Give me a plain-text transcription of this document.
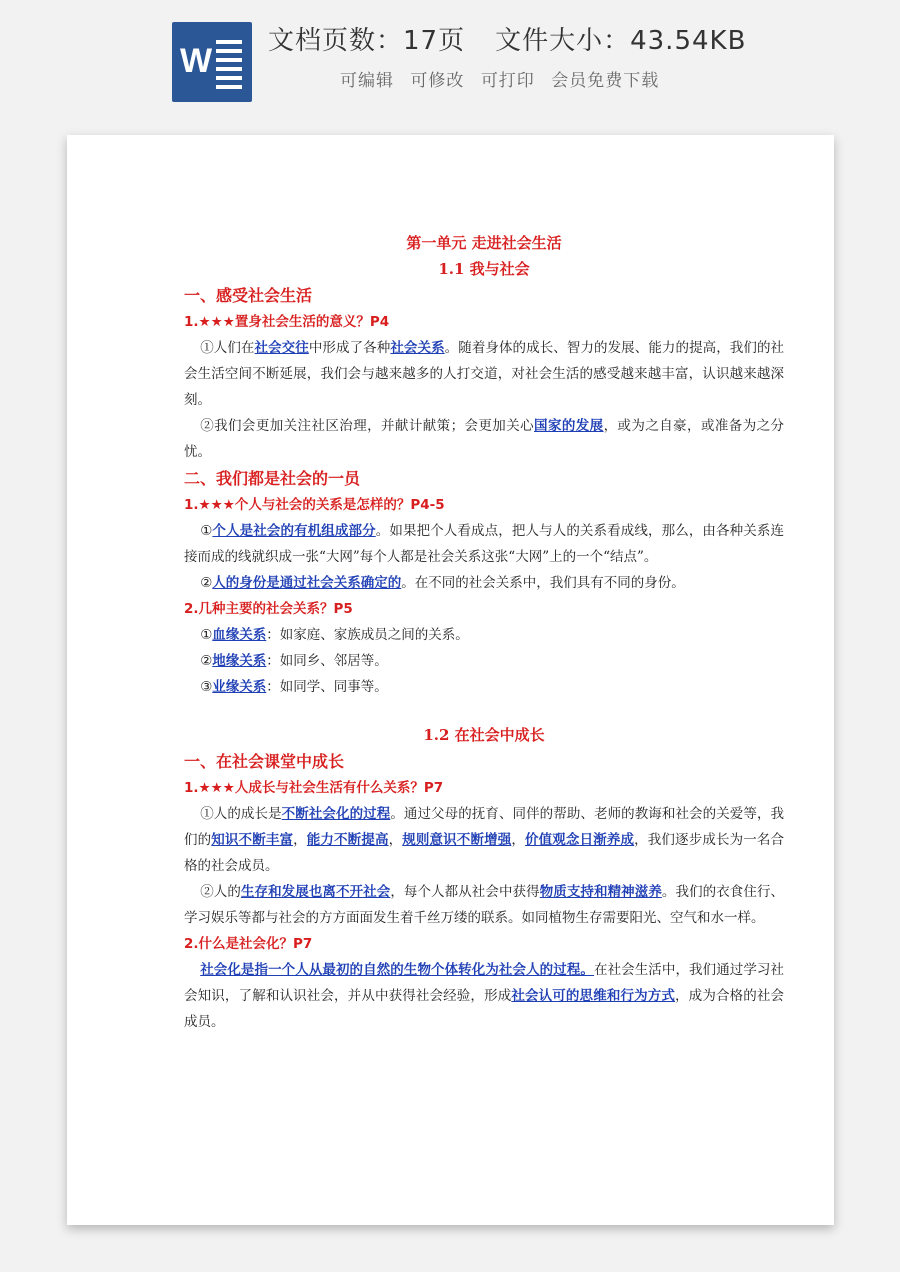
W
文档页数：17页 文件大小：43.54KB
可编辑 可修改 可打印 会员免费下载
第一单元 走进社会生活
1.1 我与社会
一、感受社会生活
1.★★★置身社会生活的意义？P4
①人们在社会交往中形成了各种社会关系。随着身体的成长、智力的发展、能力的提高，我们的社会生活空间不断延展，我们会与越来越多的人打交道，对社会生活的感受越来越丰富，认识越来越深刻。
②我们会更加关注社区治理，并献计献策；会更加关心国家的发展，或为之自豪，或准备为之分忧。
二、我们都是社会的一员
1.★★★个人与社会的关系是怎样的？P4-5
①个人是社会的有机组成部分。如果把个人看成点，把人与人的关系看成线，那么，由各种关系连接而成的线就织成一张“大网”每个人都是社会关系这张“大网”上的一个“结点”。
②人的身份是通过社会关系确定的。在不同的社会关系中，我们具有不同的身份。
2.几种主要的社会关系？P5
①血缘关系：如家庭、家族成员之间的关系。
②地缘关系：如同乡、邻居等。
③业缘关系：如同学、同事等。
1.2 在社会中成长
一、在社会课堂中成长
1.★★★人成长与社会生活有什么关系？P7
①人的成长是不断社会化的过程。通过父母的抚育、同伴的帮助、老师的教诲和社会的关爱等，我们的知识不断丰富，能力不断提高，规则意识不断增强，价值观念日渐养成，我们逐步成长为一名合格的社会成员。
②人的生存和发展也离不开社会，每个人都从社会中获得物质支持和精神滋养。我们的衣食住行、学习娱乐等都与社会的方方面面发生着千丝万缕的联系。如同植物生存需要阳光、空气和水一样。
2.什么是社会化？P7
社会化是指一个人从最初的自然的生物个体转化为社会人的过程。在社会生活中，我们通过学习社会知识，了解和认识社会，并从中获得社会经验，形成社会认可的思维和行为方式，成为合格的社会成员。
